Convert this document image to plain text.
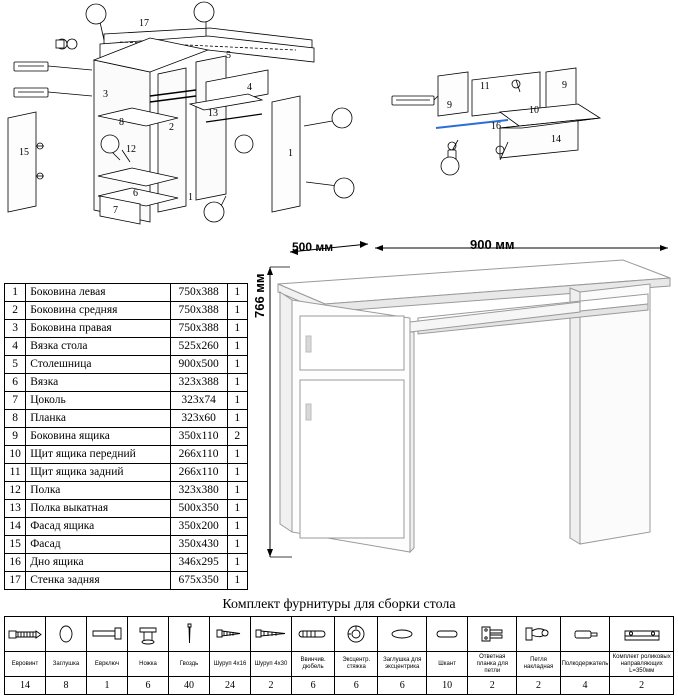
17
5
3
4
8
13
2
12
15
6
7
1
1
11
9
9
10
16
14
900 мм
500 мм
766 мм
1	Боковина левая	750х388	1
2	Боковина средняя	750х388	1
3	Боковина правая	750х388	1
4	Вязка стола	525х260	1
5	Столешница	900х500	1
6	Вязка	323х388	1
7	Цоколь	323х74	1
8	Планка	323х60	1
9	Боковина ящика	350х110	2
10	Щит ящика передний	266х110	1
11	Щит ящика задний	266х110	1
12	Полка	323х380	1
13	Полка выкатная	500х350	1
14	Фасад ящика	350х200	1
15	Фасад	350х430	1
16	Дно ящика	346х295	1
17	Стенка задняя	675х350	1
Комплект фурнитуры для сборки стола

Евровинт	Заглушка	Еврключ	Ножка	Гвоздь	Шуруп 4х16	Шуруп 4х30	Ввинчив. дюбель	Эксцентр. стяжка	Заглушка для эксцентрика	Шкант	Ответная планка для петли	Петля накладная	Полкодержатель	Комплект роликовых направляющих L=350мм
14	8	1	6	40	24	2	6	6	6	10	2	2	4	2
